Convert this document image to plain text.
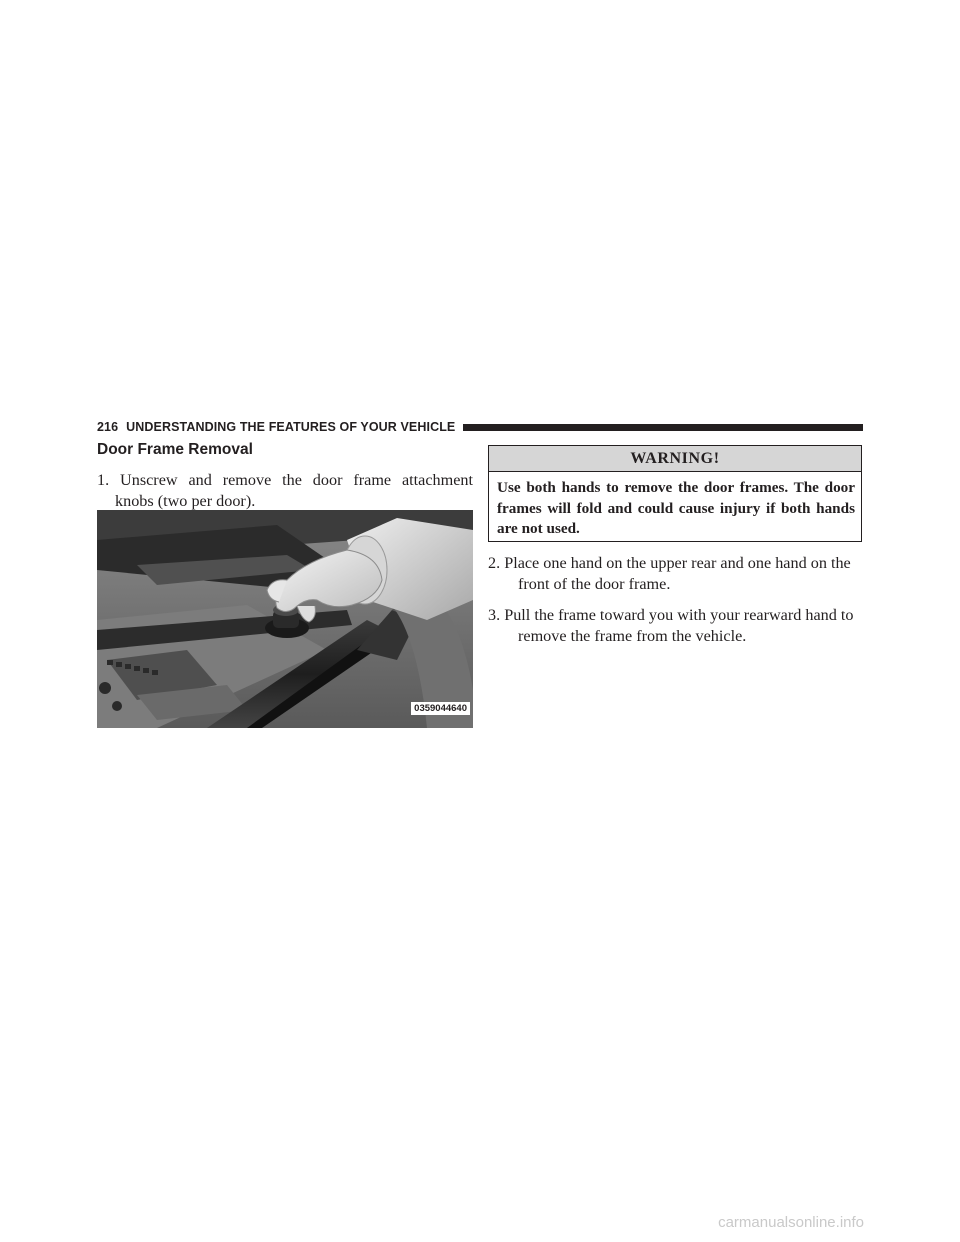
216 UNDERSTANDING THE FEATURES OF YOUR VEHICLE
Door Frame Removal
1. Unscrew and remove the door frame attachment
knobs (two per door).
0359044640
WARNING!
Use both hands to remove the door frames. The door
frames will fold and could cause injury if both hands
are not used.
2. Place one hand on the upper rear and one hand on the
front of the door frame.
3. Pull the frame toward you with your rearward hand to
remove the frame from the vehicle.
carmanualsonline.info
